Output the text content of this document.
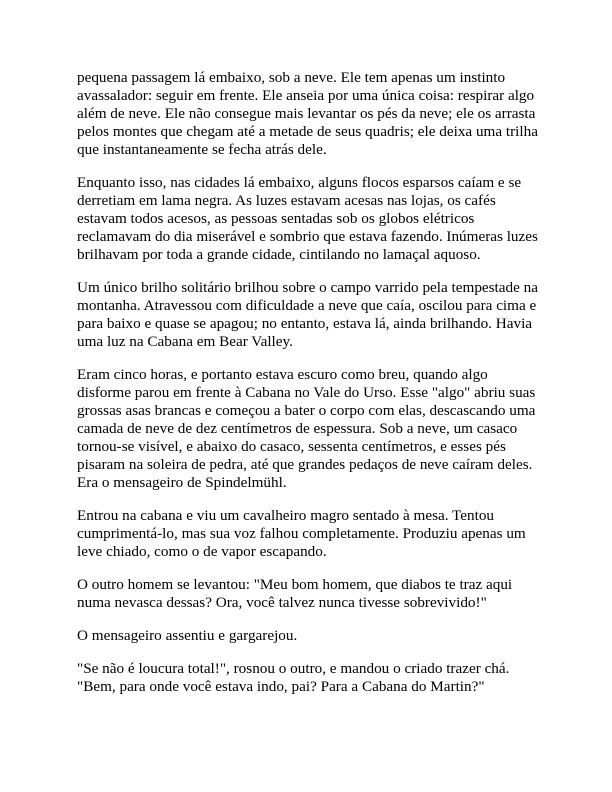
pequena passagem lá embaixo, sob a neve. Ele tem apenas um instinto
avassalador: seguir em frente. Ele anseia por uma única coisa: respirar algo
além de neve. Ele não consegue mais levantar os pés da neve; ele os arrasta
pelos montes que chegam até a metade de seus quadris; ele deixa uma trilha
que instantaneamente se fecha atrás dele.

Enquanto isso, nas cidades lá embaixo, alguns flocos esparsos caíam e se
derretiam em lama negra. As luzes estavam acesas nas lojas, os cafés
estavam todos acesos, as pessoas sentadas sob os globos elétricos
reclamavam do dia miserável e sombrio que estava fazendo. Inúmeras luzes
brilhavam por toda a grande cidade, cintilando no lamaçal aquoso.

Um único brilho solitário brilhou sobre o campo varrido pela tempestade na
montanha. Atravessou com dificuldade a neve que caía, oscilou para cima e
para baixo e quase se apagou; no entanto, estava lá, ainda brilhando. Havia
uma luz na Cabana em Bear Valley.

Eram cinco horas, e portanto estava escuro como breu, quando algo
disforme parou em frente à Cabana no Vale do Urso. Esse "algo" abriu suas
grossas asas brancas e começou a bater o corpo com elas, descascando uma
camada de neve de dez centímetros de espessura. Sob a neve, um casaco
tornou-se visível, e abaixo do casaco, sessenta centímetros, e esses pés
pisaram na soleira de pedra, até que grandes pedaços de neve caíram deles.
Era o mensageiro de Spindelmühl.

Entrou na cabana e viu um cavalheiro magro sentado à mesa. Tentou
cumprimentá-lo, mas sua voz falhou completamente. Produziu apenas um
leve chiado, como o de vapor escapando.

O outro homem se levantou: "Meu bom homem, que diabos te traz aqui
numa nevasca dessas? Ora, você talvez nunca tivesse sobrevivido!"

O mensageiro assentiu e gargarejou.

"Se não é loucura total!", rosnou o outro, e mandou o criado trazer chá.
"Bem, para onde você estava indo, pai? Para a Cabana do Martin?"
